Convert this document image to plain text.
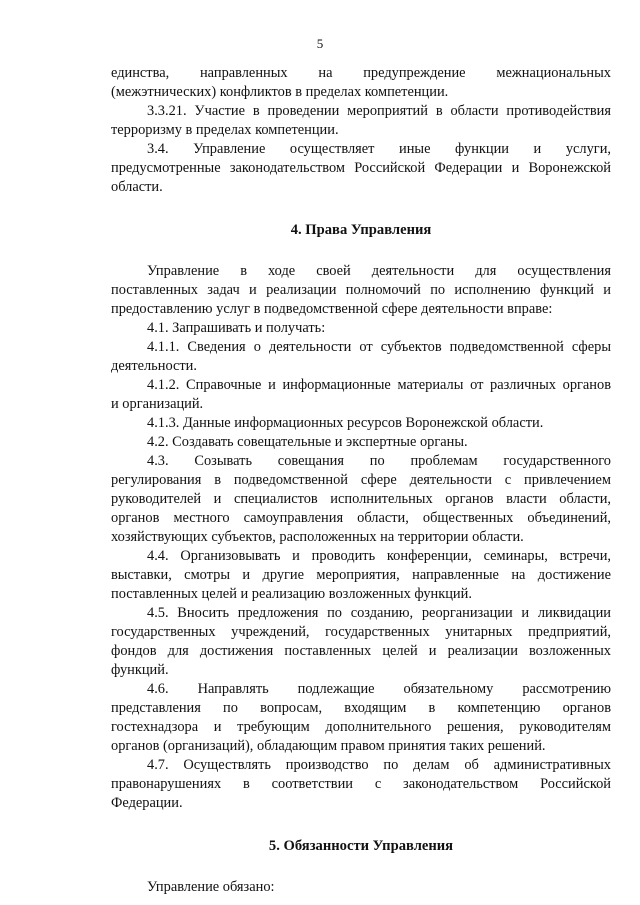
5

единства, направленных на предупреждение межнациональных

(межэтнических) конфликтов в пределах компетенции.

3.3.21. Участие в проведении мероприятий в области противодействия

терроризму в пределах компетенции.

3.4. Управление осуществляет иные функции и услуги,

предусмотренные законодательством Российской Федерации и Воронежской

области.

4. Права Управления

Управление в ходе своей деятельности для осуществления

поставленных задач и реализации полномочий по исполнению функций и

предоставлению услуг в подведомственной сфере деятельности вправе:

4.1. Запрашивать и получать:

4.1.1. Сведения о деятельности от субъектов подведомственной сферы

деятельности.

4.1.2. Справочные и информационные материалы от различных органов

и организаций.

4.1.3. Данные информационных ресурсов Воронежской области.

4.2. Создавать совещательные и экспертные органы.

4.3. Созывать совещания по проблемам государственного

регулирования в подведомственной сфере деятельности с привлечением

руководителей и специалистов исполнительных органов власти области,

органов местного самоуправления области, общественных объединений,

хозяйствующих субъектов, расположенных на территории области.

4.4. Организовывать и проводить конференции, семинары, встречи,

выставки, смотры и другие мероприятия, направленные на достижение

поставленных целей и реализацию возложенных функций.

4.5. Вносить предложения по созданию, реорганизации и ликвидации

государственных учреждений, государственных унитарных предприятий,

фондов для достижения поставленных целей и реализации возложенных

функций.

4.6. Направлять подлежащие обязательному рассмотрению

представления по вопросам, входящим в компетенцию органов

гостехнадзора и требующим дополнительного решения, руководителям

органов (организаций), обладающим правом принятия таких решений.

4.7. Осуществлять производство по делам об административных

правонарушениях в соответствии с законодательством Российской

Федерации.

5. Обязанности Управления

Управление обязано:
